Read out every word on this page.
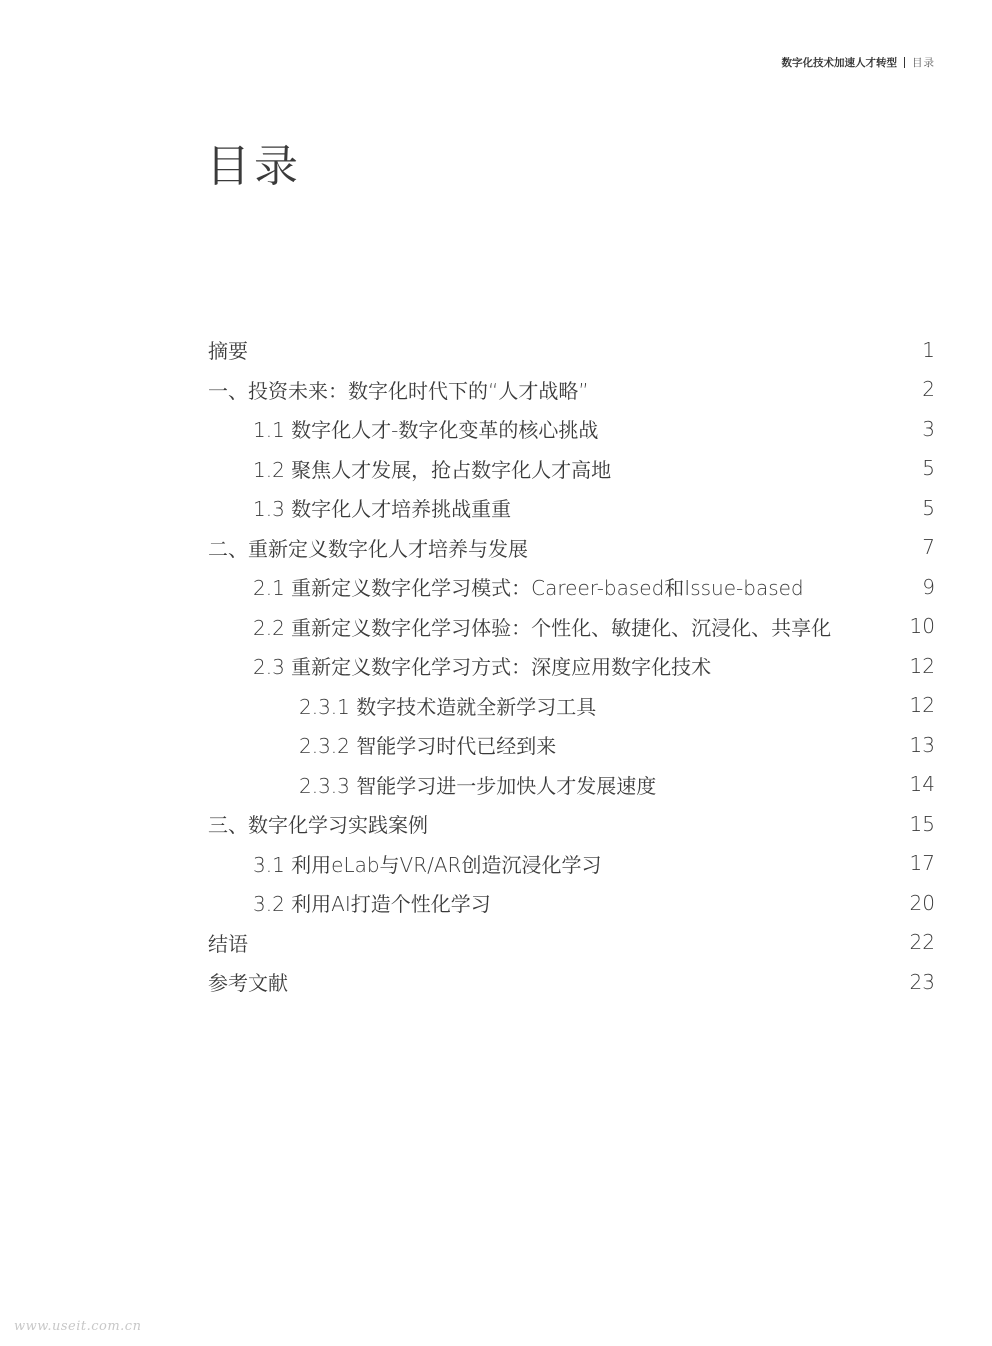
数字化技术加速人才转型 目录
目录
摘要	1
一、投资未来：数字化时代下的“人才战略”	2
1.1 数字化人才-数字化变革的核心挑战	3
1.2 聚焦人才发展，抢占数字化人才高地	5
1.3 数字化人才培养挑战重重	5
二、重新定义数字化人才培养与发展	7
2.1 重新定义数字化学习模式：Career-based和Issue-based	9
2.2 重新定义数字化学习体验：个性化、敏捷化、沉浸化、共享化	10
2.3 重新定义数字化学习方式：深度应用数字化技术	12
2.3.1 数字技术造就全新学习工具	12
2.3.2 智能学习时代已经到来	13
2.3.3 智能学习进一步加快人才发展速度	14
三、数字化学习实践案例	15
3.1 利用eLab与VR/AR创造沉浸化学习	17
3.2 利用AI打造个性化学习	20
结语	22
参考文献	23
www.useit.com.cn
